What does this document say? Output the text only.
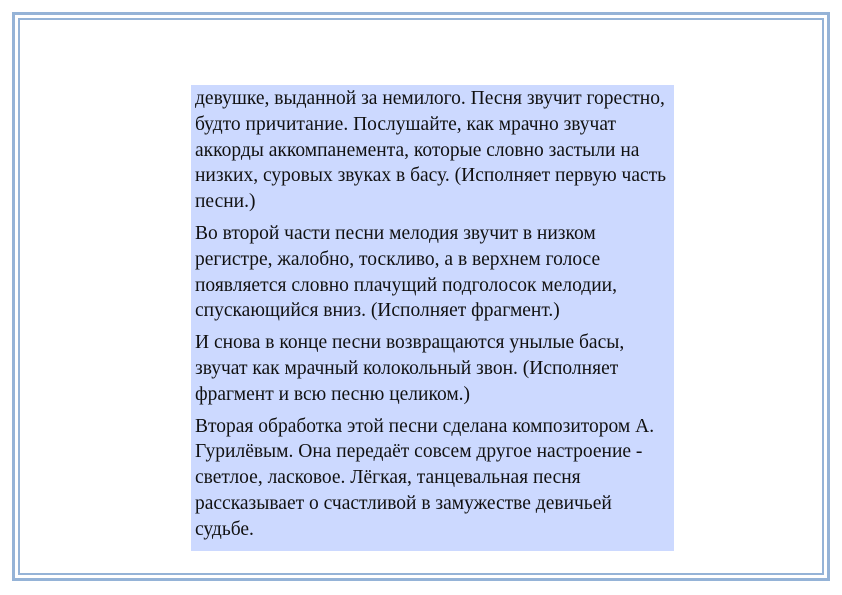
девушке, выданной за немилого. Песня звучит горестно, будто причитание. Послушайте, как мрачно звучат аккорды аккомпанемента, которые словно застыли на низких, суровых звуках в басу. (Исполняет первую часть песни.)

Во второй части песни мелодия звучит в низком регистре, жалобно, тоскливо, а в верхнем голосе появляется словно плачущий подголосок мелодии, спускающийся вниз. (Исполняет фрагмент.)

И снова в конце песни возвращаются унылые басы, звучат как мрачный колокольный звон. (Исполняет фрагмент и всю песню целиком.)

Вторая обработка этой песни сделана композитором А. Гурилёвым. Она передаёт совсем другое настроение - светлое, ласковое. Лёгкая, танцевальная песня рассказывает о счастливой в замужестве девичьей судьбе.
